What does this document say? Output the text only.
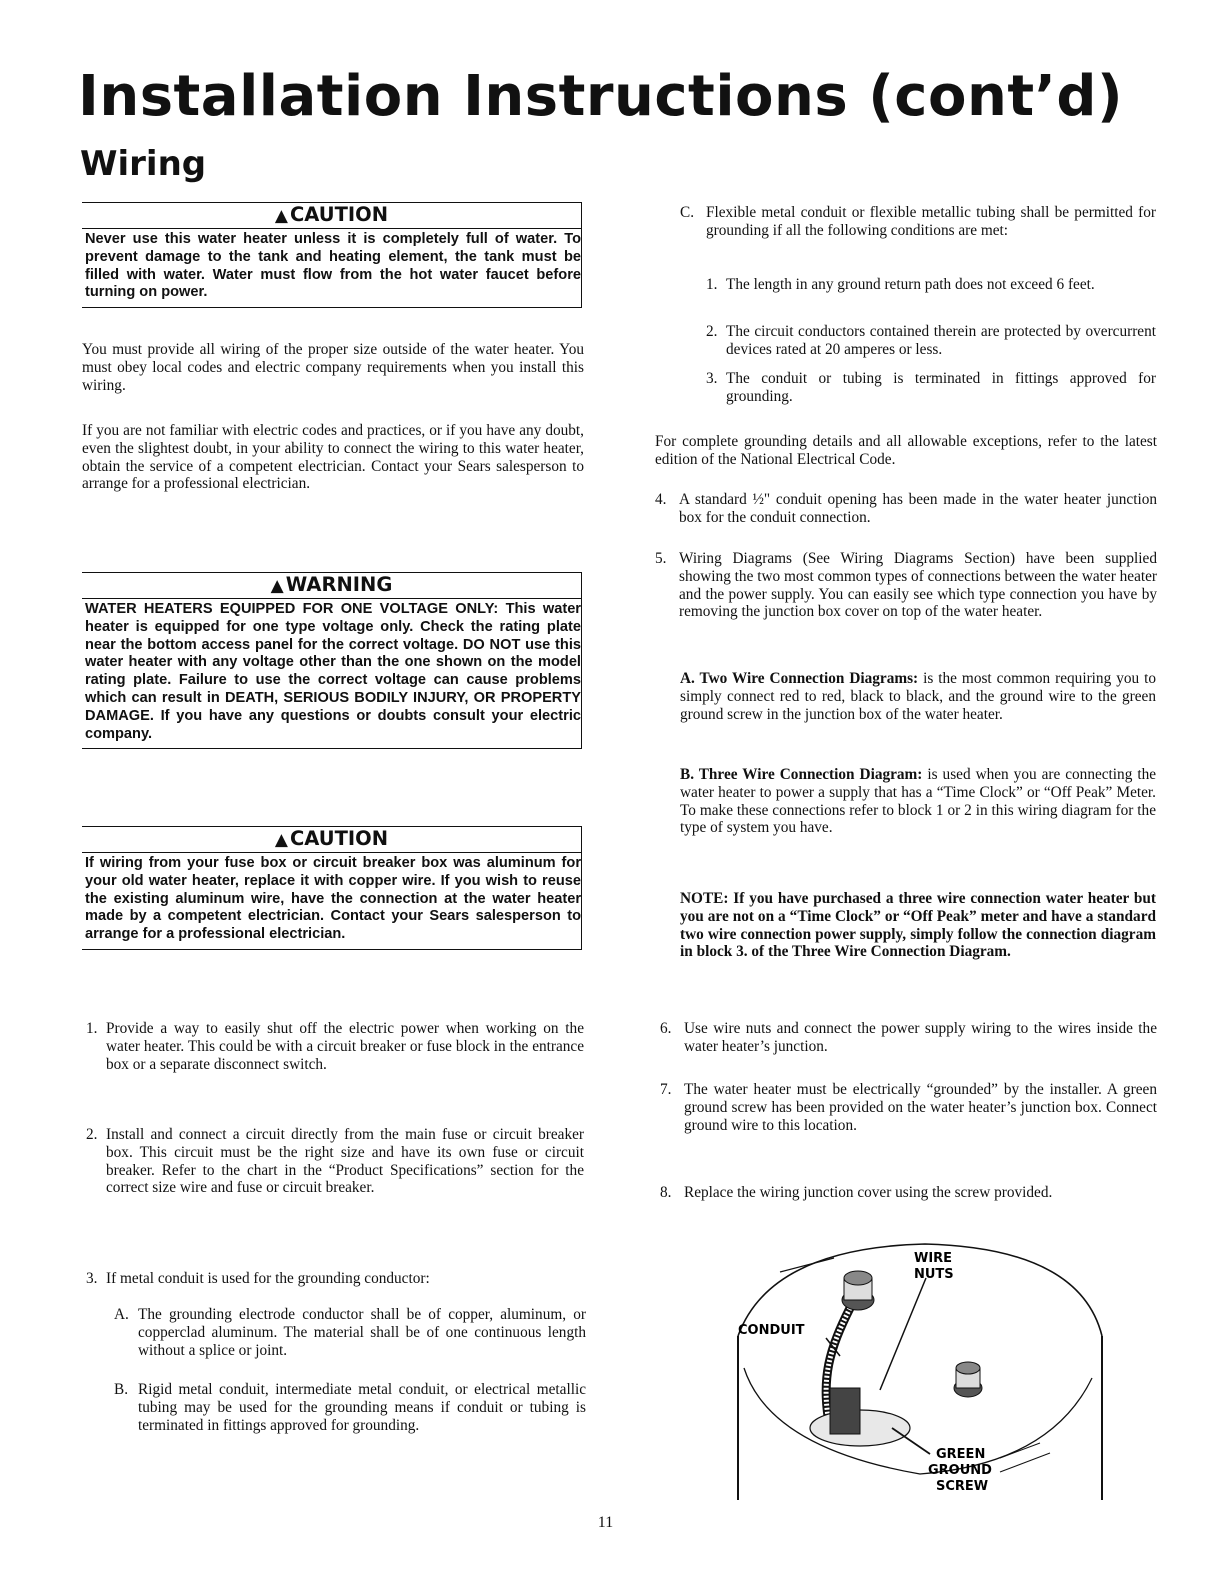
Installation Instructions (cont’d)
Wiring
▲ CAUTION
Never use this water heater unless it is completely full of water. To prevent damage to the tank and heating element, the tank must be filled with water. Water must flow from the hot water faucet before turning on power.

You must provide all wiring of the proper size outside of the water heater. You must obey local codes and electric company requirements when you install this wiring.

If you are not familiar with electric codes and practices, or if you have any doubt, even the slightest doubt, in your ability to connect the wiring to this water heater, obtain the service of a competent electrician. Contact your Sears salesperson to arrange for a professional electrician.

▲ WARNING
WATER HEATERS EQUIPPED FOR ONE VOLTAGE ONLY: This water heater is equipped for one type voltage only. Check the rating plate near the bottom access panel for the correct voltage. DO NOT use this water heater with any voltage other than the one shown on the model rating plate. Failure to use the correct voltage can cause problems which can result in DEATH, SERIOUS BODILY INJURY, OR PROPERTY DAMAGE. If you have any questions or doubts consult your electric company.
▲ CAUTION
If wiring from your fuse box or circuit breaker box was aluminum for your old water heater, replace it with copper wire. If you wish to reuse the existing aluminum wire, have the connection at the water heater made by a competent electrician. Contact your Sears salesperson to arrange for a professional electrician.
1. Provide a way to easily shut off the electric power when working on the water heater. This could be with a circuit breaker or fuse block in the entrance box or a separate disconnect switch.
2. Install and connect a circuit directly from the main fuse or circuit breaker box. This circuit must be the right size and have its own fuse or circuit breaker. Refer to the chart in the “Product Specifications” section for the correct size wire and fuse or circuit breaker.
3. If metal conduit is used for the grounding conductor:
A. The grounding electrode conductor shall be of copper, aluminum, or copperclad aluminum. The material shall be of one continuous length without a splice or joint.
B. Rigid metal conduit, intermediate metal conduit, or electrical metallic tubing may be used for the grounding means if conduit or tubing is terminated in fittings approved for grounding.
C. Flexible metal conduit or flexible metallic tubing shall be permitted for grounding if all the following conditions are met:
1. The length in any ground return path does not exceed 6 feet.
2. The circuit conductors contained therein are protected by overcurrent devices rated at 20 amperes or less.
3. The conduit or tubing is terminated in fittings approved for grounding.

For complete grounding details and all allowable exceptions, refer to the latest edition of the National Electrical Code.

4. A standard ½" conduit opening has been made in the water heater junction box for the conduit connection.
5. Wiring Diagrams (See Wiring Diagrams Section) have been supplied showing the two most common types of connections between the water heater and the power supply. You can easily see which type connection you have by removing the junction box cover on top of the water heater.

A. Two Wire Connection Diagrams: is the most common requiring you to simply connect red to red, black to black, and the ground wire to the green ground screw in the junction box of the water heater.

B. Three Wire Connection Diagram: is used when you are connecting the water heater to power a supply that has a “Time Clock” or “Off Peak” Meter. To make these connections refer to block 1 or 2 in this wiring diagram for the type of system you have.

NOTE: If you have purchased a three wire connection water heater but you are not on a “Time Clock” or “Off Peak” meter and have a standard two wire connection power supply, simply follow the connection diagram in block 3. of the Three Wire Connection Diagram.

6. Use wire nuts and connect the power supply wiring to the wires inside the water heater’s junction.
7. The water heater must be electrically “grounded” by the installer. A green ground screw has been provided on the water heater’s junction box. Connect ground wire to this location.
8. Replace the wiring junction cover using the screw provided.
WIRE
NUTS
CONDUIT
GREEN
GROUND
SCREW
11
